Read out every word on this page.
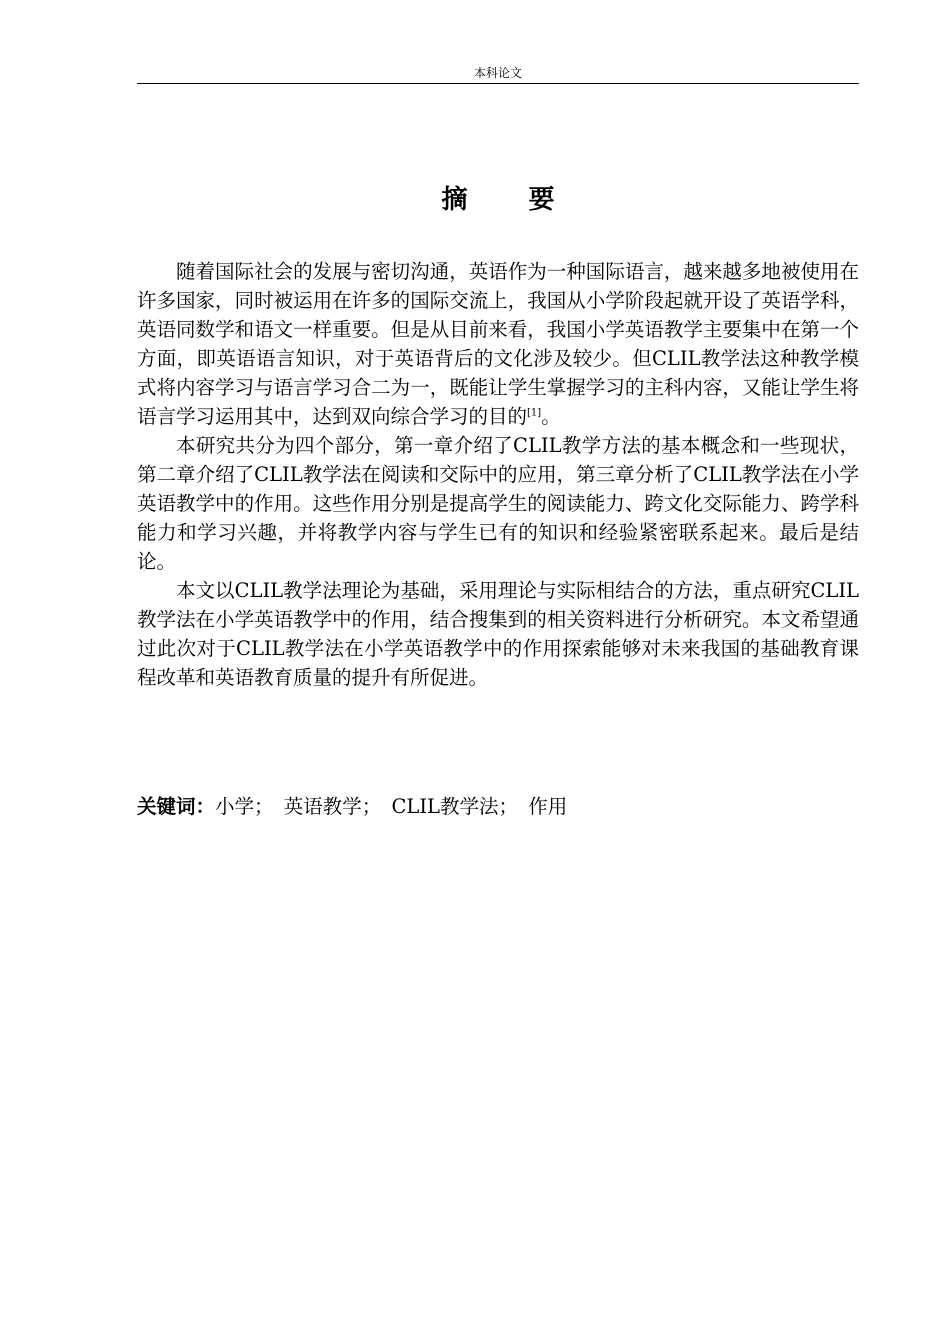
本科论文
摘 要

随着国际社会的发展与密切沟通，英语作为一种国际语言，越来越多地被使用在许多国家，同时被运用在许多的国际交流上，我国从小学阶段起就开设了英语学科，英语同数学和语文一样重要。但是从目前来看，我国小学英语教学主要集中在第一个方面，即英语语言知识，对于英语背后的文化涉及较少。但CLIL教学法这种教学模式将内容学习与语言学习合二为一，既能让学生掌握学习的主科内容，又能让学生将语言学习运用其中，达到双向综合学习的目的[1]。

本研究共分为四个部分，第一章介绍了CLIL教学方法的基本概念和一些现状，第二章介绍了CLIL教学法在阅读和交际中的应用，第三章分析了CLIL教学法在小学英语教学中的作用。这些作用分别是提高学生的阅读能力、跨文化交际能力、跨学科能力和学习兴趣，并将教学内容与学生已有的知识和经验紧密联系起来。最后是结论。

本文以CLIL教学法理论为基础，采用理论与实际相结合的方法，重点研究CLIL教学法在小学英语教学中的作用，结合搜集到的相关资料进行分析研究。本文希望通过此次对于CLIL教学法在小学英语教学中的作用探索能够对未来我国的基础教育课程改革和英语教育质量的提升有所促进。

关键词：小学； 英语教学； CLIL教学法； 作用
